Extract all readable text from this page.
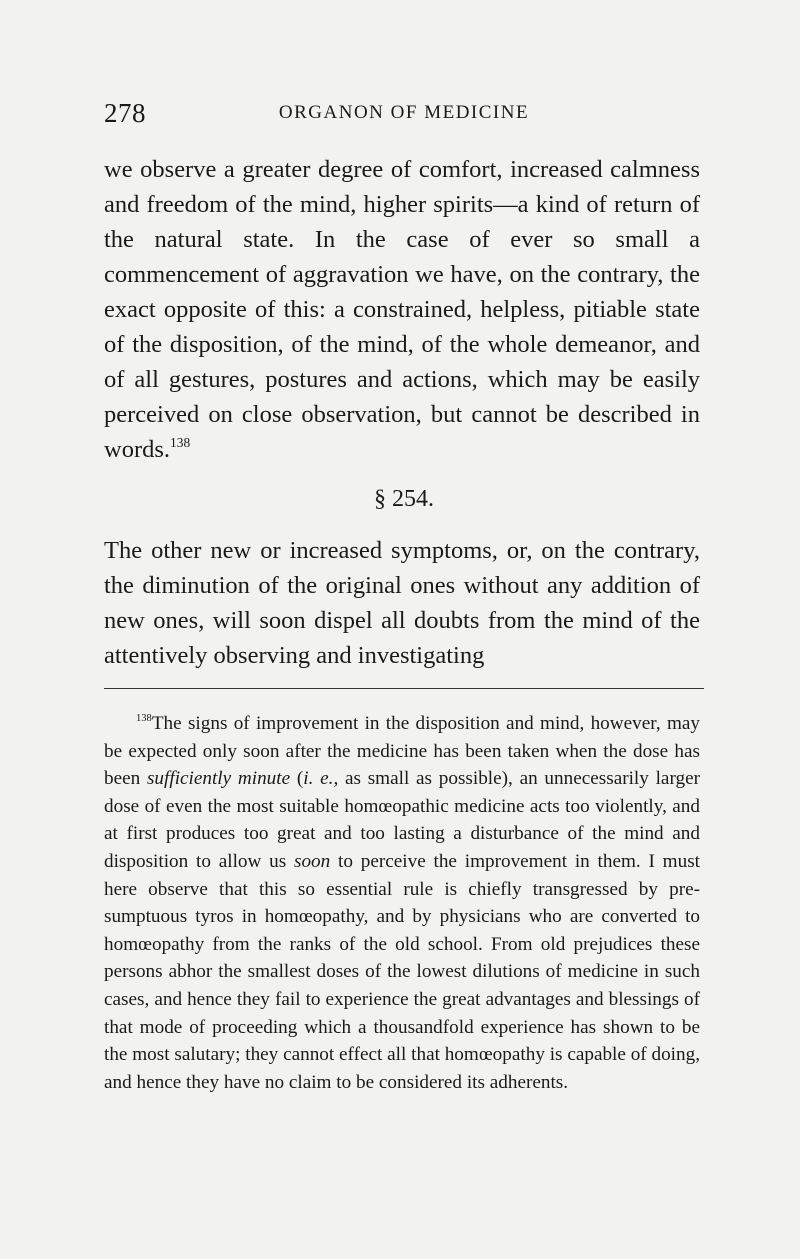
278	ORGANON OF MEDICINE

we observe a greater degree of comfort, increased calmness and freedom of the mind, higher spirits—a kind of return of the natural state. In the case of ever so small a commencement of aggravation we have, on the contrary, the exact opposite of this: a constrained, helpless, pitiable state of the disposition, of the mind, of the whole demeanor, and of all gestures, postures and actions, which may be easily perceived on close observation, but cannot be described in words.$^{138}$

§ 254.

The other new or increased symptoms, or, on the contrary, the diminution of the original ones without any addition of new ones, will soon dispel all doubts from the mind of the attentively observing and investigating

$^{138}$The signs of improvement in the disposition and mind, however, may be expected only soon after the medicine has been taken when the dose has been sufficiently minute (i. e., as small as possible), an unnecessarily larger dose of even the most suitable homœopathic medicine acts too violently, and at first produces too great and too lasting a disturbance of the mind and disposition to allow us soon to perceive the improvement in them. I must here observe that this so essential rule is chiefly transgressed by presumptuous tyros in homœopathy, and by physicians who are converted to homœopathy from the ranks of the old school. From old prejudices these persons abhor the smallest doses of the lowest dilutions of medicine in such cases, and hence they fail to experience the great advantages and blessings of that mode of proceeding which a thousandfold experience has shown to be the most salutary; they cannot effect all that homœopathy is capable of doing, and hence they have no claim to be considered its adherents.
